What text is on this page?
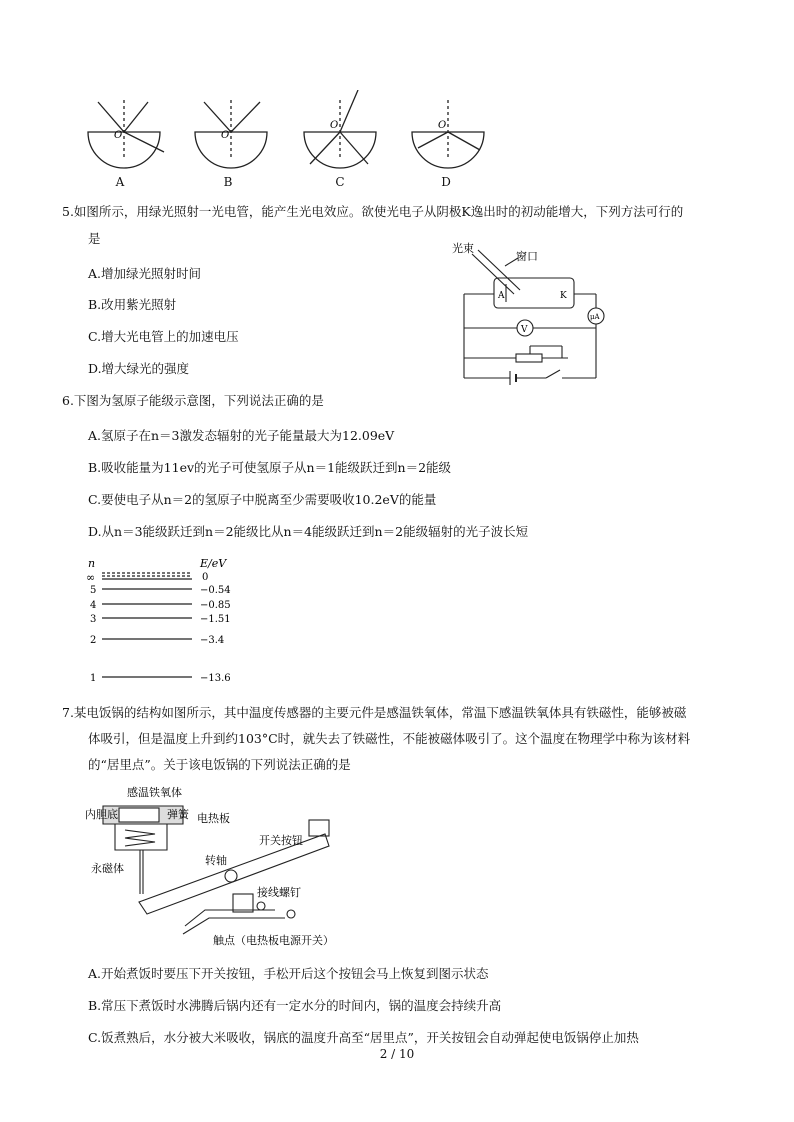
O	O
O	O
A	B	C	D
5.如图所示，用绿光照射一光电管，能产生光电效应。欲使光电子从阴极K逸出时的初动能增大，下列方法可行的
是
A.增加绿光照射时间
B.改用紫光照射
C.增大光电管上的加速电压
D.增大绿光的强度
光束
窗口
A	K
V
μA
6.下图为氢原子能级示意图，下列说法正确的是
A.氢原子在n＝3激发态辐射的光子能量最大为12.09eV
B.吸收能量为11ev的光子可使氢原子从n＝1能级跃迁到n＝2能级
C.要使电子从n＝2的氢原子中脱离至少需要吸收10.2eV的能量
D.从n＝3能级跃迁到n＝2能级比从n＝4能级跃迁到n＝2能级辐射的光子波长短
n	E/eV
∞	0
5	−0.54
4	−0.85
3	−1.51
2	−3.4
1	−13.6
7.某电饭锅的结构如图所示，其中温度传感器的主要元件是感温铁氧体，常温下感温铁氧体具有铁磁性，能够被磁
体吸引，但是温度上升到约103°C时，就失去了铁磁性，不能被磁体吸引了。这个温度在物理学中称为该材料
的“居里点”。关于该电饭锅的下列说法正确的是
感温铁氧体
内胆底	弹簧 电热板
开关按钮
转轴
永磁体
接线螺钉
触点（电热板电源开关）
A.开始煮饭时要压下开关按钮，手松开后这个按钮会马上恢复到图示状态
B.常压下煮饭时水沸腾后锅内还有一定水分的时间内，锅的温度会持续升高
C.饭煮熟后，水分被大米吸收，锅底的温度升高至“居里点”，开关按钮会自动弹起使电饭锅停止加热
2 / 10
